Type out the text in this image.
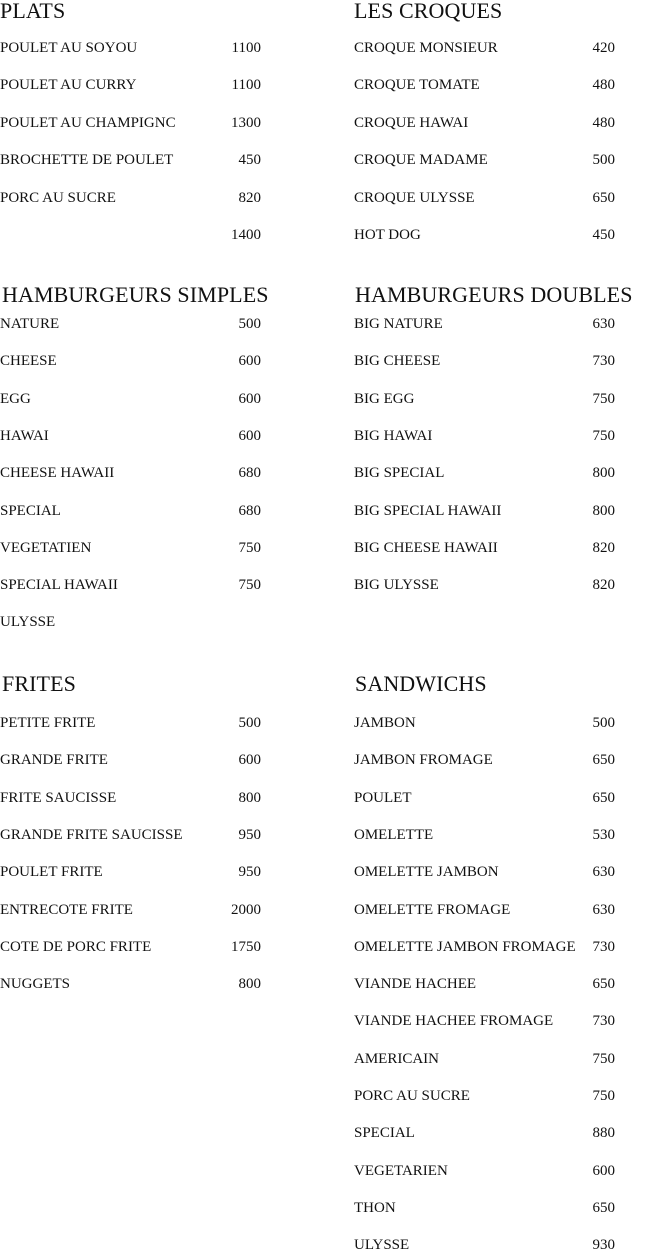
PLATS
POULET AU SOYOU	1100
POULET AU CURRY	1100
POULET AU CHAMPIGNC	1300
BROCHETTE DE POULET	450
PORC AU SUCRE	820
1400
LES CROQUES
CROQUE MONSIEUR	420
CROQUE TOMATE	480
CROQUE HAWAI	480
CROQUE MADAME	500
CROQUE ULYSSE	650
HOT DOG	450
HAMBURGEURS SIMPLES
NATURE	500
CHEESE	600
EGG	600
HAWAI	600
CHEESE HAWAII	680
SPECIAL	680
VEGETATIEN	750
SPECIAL HAWAII	750
ULYSSE
HAMBURGEURS DOUBLES
BIG NATURE	630
BIG CHEESE	730
BIG EGG	750
BIG HAWAI	750
BIG SPECIAL	800
BIG SPECIAL HAWAII	800
BIG CHEESE HAWAII	820
BIG ULYSSE	820
FRITES
PETITE FRITE	500
GRANDE FRITE	600
FRITE SAUCISSE	800
GRANDE FRITE SAUCISSE	950
POULET FRITE	950
ENTRECOTE FRITE	2000
COTE DE PORC FRITE	1750
NUGGETS	800
SANDWICHS
JAMBON	500
JAMBON FROMAGE	650
POULET	650
OMELETTE	530
OMELETTE JAMBON	630
OMELETTE FROMAGE	630
OMELETTE JAMBON FROMAGE 730
VIANDE HACHEE	650
VIANDE HACHEE FROMAGE	730
AMERICAIN	750
PORC AU SUCRE	750
SPECIAL	880
VEGETARIEN	600
THON	650
ULYSSE	930
